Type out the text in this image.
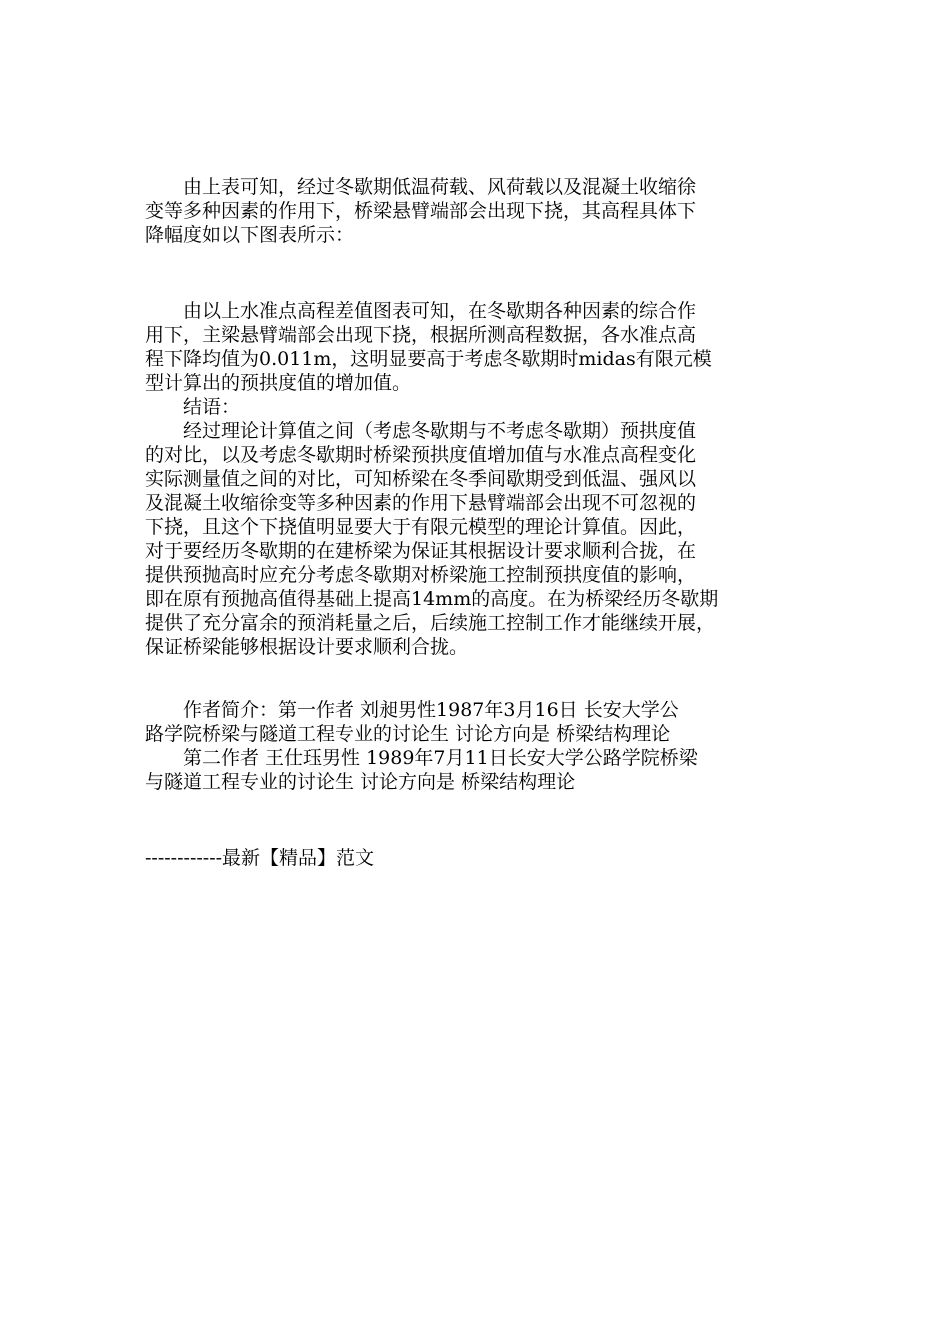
由上表可知，经过冬歇期低温荷载、风荷载以及混凝土收缩徐
变等多种因素的作用下，桥梁悬臂端部会出现下挠，其高程具体下
降幅度如以下图表所示：
由以上水准点高程差值图表可知，在冬歇期各种因素的综合作
用下，主梁悬臂端部会出现下挠，根据所测高程数据，各水准点高
程下降均值为0.011m，这明显要高于考虑冬歇期时midas有限元模
型计算出的预拱度值的增加值。
结语：
经过理论计算值之间（考虑冬歇期与不考虑冬歇期）预拱度值
的对比，以及考虑冬歇期时桥梁预拱度值增加值与水准点高程变化
实际测量值之间的对比，可知桥梁在冬季间歇期受到低温、强风以
及混凝土收缩徐变等多种因素的作用下悬臂端部会出现不可忽视的
下挠，且这个下挠值明显要大于有限元模型的理论计算值。因此，
对于要经历冬歇期的在建桥梁为保证其根据设计要求顺利合拢，在
提供预抛高时应充分考虑冬歇期对桥梁施工控制预拱度值的影响，
即在原有预抛高值得基础上提高14mm的高度。在为桥梁经历冬歇期
提供了充分富余的预消耗量之后，后续施工控制工作才能继续开展，
保证桥梁能够根据设计要求顺利合拢。
作者简介：第一作者 刘昶男性1987年3月16日 长安大学公
路学院桥梁与隧道工程专业的讨论生 讨论方向是 桥梁结构理论
第二作者 王仕珏男性 1989年7月11日长安大学公路学院桥梁
与隧道工程专业的讨论生 讨论方向是 桥梁结构理论
------------最新【精品】范文
